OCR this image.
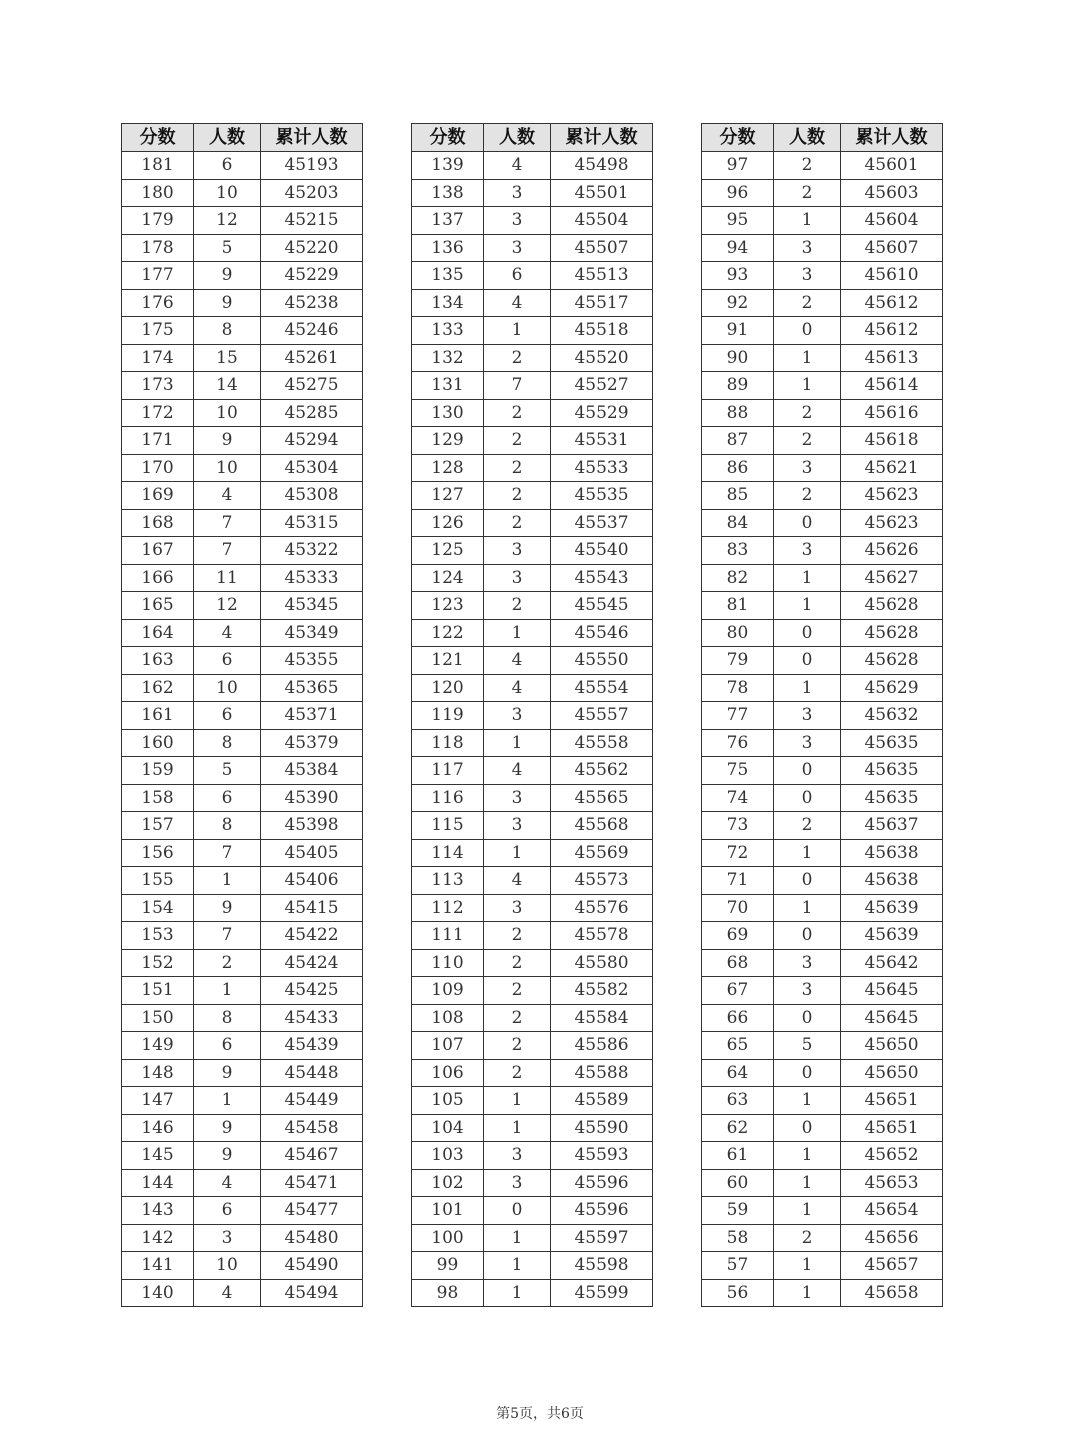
分数	人数	累计人数
181	6	45193
180	10	45203
179	12	45215
178	5	45220
177	9	45229
176	9	45238
175	8	45246
174	15	45261
173	14	45275
172	10	45285
171	9	45294
170	10	45304
169	4	45308
168	7	45315
167	7	45322
166	11	45333
165	12	45345
164	4	45349
163	6	45355
162	10	45365
161	6	45371
160	8	45379
159	5	45384
158	6	45390
157	8	45398
156	7	45405
155	1	45406
154	9	45415
153	7	45422
152	2	45424
151	1	45425
150	8	45433
149	6	45439
148	9	45448
147	1	45449
146	9	45458
145	9	45467
144	4	45471
143	6	45477
142	3	45480
141	10	45490
140	4	45494
分数	人数	累计人数
139	4	45498
138	3	45501
137	3	45504
136	3	45507
135	6	45513
134	4	45517
133	1	45518
132	2	45520
131	7	45527
130	2	45529
129	2	45531
128	2	45533
127	2	45535
126	2	45537
125	3	45540
124	3	45543
123	2	45545
122	1	45546
121	4	45550
120	4	45554
119	3	45557
118	1	45558
117	4	45562
116	3	45565
115	3	45568
114	1	45569
113	4	45573
112	3	45576
111	2	45578
110	2	45580
109	2	45582
108	2	45584
107	2	45586
106	2	45588
105	1	45589
104	1	45590
103	3	45593
102	3	45596
101	0	45596
100	1	45597
99	1	45598
98	1	45599
分数	人数	累计人数
97	2	45601
96	2	45603
95	1	45604
94	3	45607
93	3	45610
92	2	45612
91	0	45612
90	1	45613
89	1	45614
88	2	45616
87	2	45618
86	3	45621
85	2	45623
84	0	45623
83	3	45626
82	1	45627
81	1	45628
80	0	45628
79	0	45628
78	1	45629
77	3	45632
76	3	45635
75	0	45635
74	0	45635
73	2	45637
72	1	45638
71	0	45638
70	1	45639
69	0	45639
68	3	45642
67	3	45645
66	0	45645
65	5	45650
64	0	45650
63	1	45651
62	0	45651
61	1	45652
60	1	45653
59	1	45654
58	2	45656
57	1	45657
56	1	45658
第5页，共6页
